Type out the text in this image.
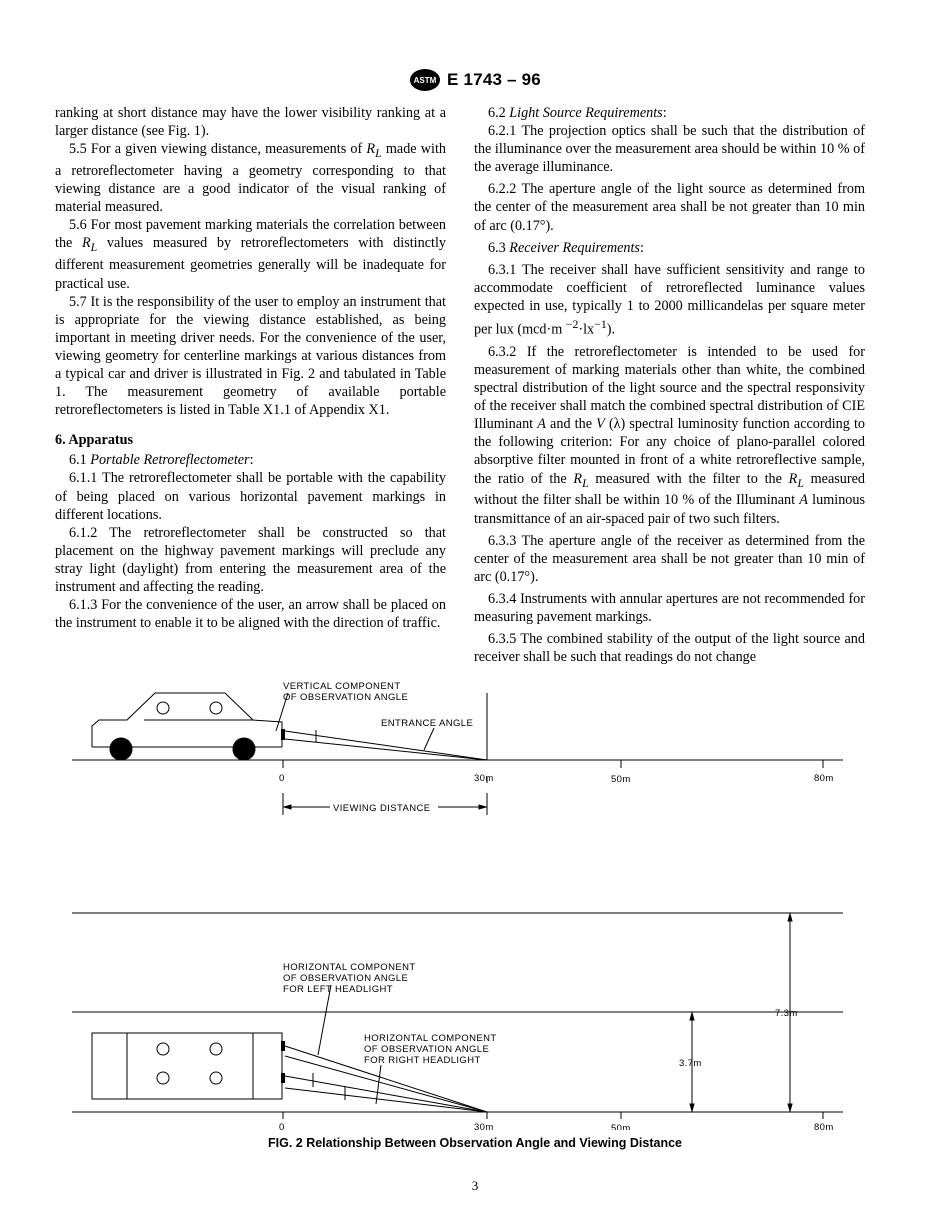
ASTM E 1743 – 96

ranking at short distance may have the lower visibility ranking at a larger distance (see Fig. 1).

5.5 For a given viewing distance, measurements of $R_L$ made with a retroreflectometer having a geometry corresponding to that viewing distance are a good indicator of the visual ranking of material measured.

5.6 For most pavement marking materials the correlation between the $R_L$ values measured by retroreflectometers with distinctly different measurement geometries generally will be inadequate for practical use.

5.7 It is the responsibility of the user to employ an instrument that is appropriate for the viewing distance established, as being important in meeting driver needs. For the convenience of the user, viewing geometry for centerline markings at various distances from a typical car and driver is illustrated in Fig. 2 and tabulated in Table 1. The measurement geometry of available portable retroreflectometers is listed in Table X1.1 of Appendix X1.

6. Apparatus

6.1 Portable Retroreflectometer:

6.1.1 The retroreflectometer shall be portable with the capability of being placed on various horizontal pavement markings in different locations.

6.1.2 The retroreflectometer shall be constructed so that placement on the highway pavement markings will preclude any stray light (daylight) from entering the measurement area of the instrument and affecting the reading.

6.1.3 For the convenience of the user, an arrow shall be placed on the instrument to enable it to be aligned with the direction of traffic.

6.2 Light Source Requirements:

6.2.1 The projection optics shall be such that the distribution of the illuminance over the measurement area should be within 10 % of the average illuminance.

6.2.2 The aperture angle of the light source as determined from the center of the measurement area shall be not greater than 10 min of arc (0.17°).

6.3 Receiver Requirements:

6.3.1 The receiver shall have sufficient sensitivity and range to accommodate coefficient of retroreflected luminance values expected in use, typically 1 to 2000 millicandelas per square meter per lux (mcd·m $^{-2}\cdot lx^{-1}$).

6.3.2 If the retroreflectometer is intended to be used for measurement of marking materials other than white, the combined spectral distribution of the light source and the spectral responsivity of the receiver shall match the combined spectral distribution of CIE Illuminant A and the V (λ) spectral luminosity function according to the following criterion: For any choice of plano-parallel colored absorptive filter mounted in front of a white retroreflective sample, the ratio of the $R_L$ measured with the filter to the $R_L$ measured without the filter shall be within 10 % of the Illuminant A luminous transmittance of an air-spaced pair of two such filters.

6.3.3 The aperture angle of the receiver as determined from the center of the measurement area shall be not greater than 10 min of arc (0.17°).

6.3.4 Instruments with annular apertures are not recommended for measuring pavement markings.

6.3.5 The combined stability of the output of the light source and receiver shall be such that readings do not change

VERTICAL COMPONENT
OF OBSERVATION ANGLE
ENTRANCE ANGLE
0	30m	50m	80m
VIEWING DISTANCE
HORIZONTAL COMPONENT
OF OBSERVATION ANGLE
FOR LEFT HEADLIGHT
HORIZONTAL COMPONENT
OF OBSERVATION ANGLE
FOR RIGHT HEADLIGHT	3.7m
7.3m
0	30m	50m	80m
FIG. 2 Relationship Between Observation Angle and Viewing Distance
3
